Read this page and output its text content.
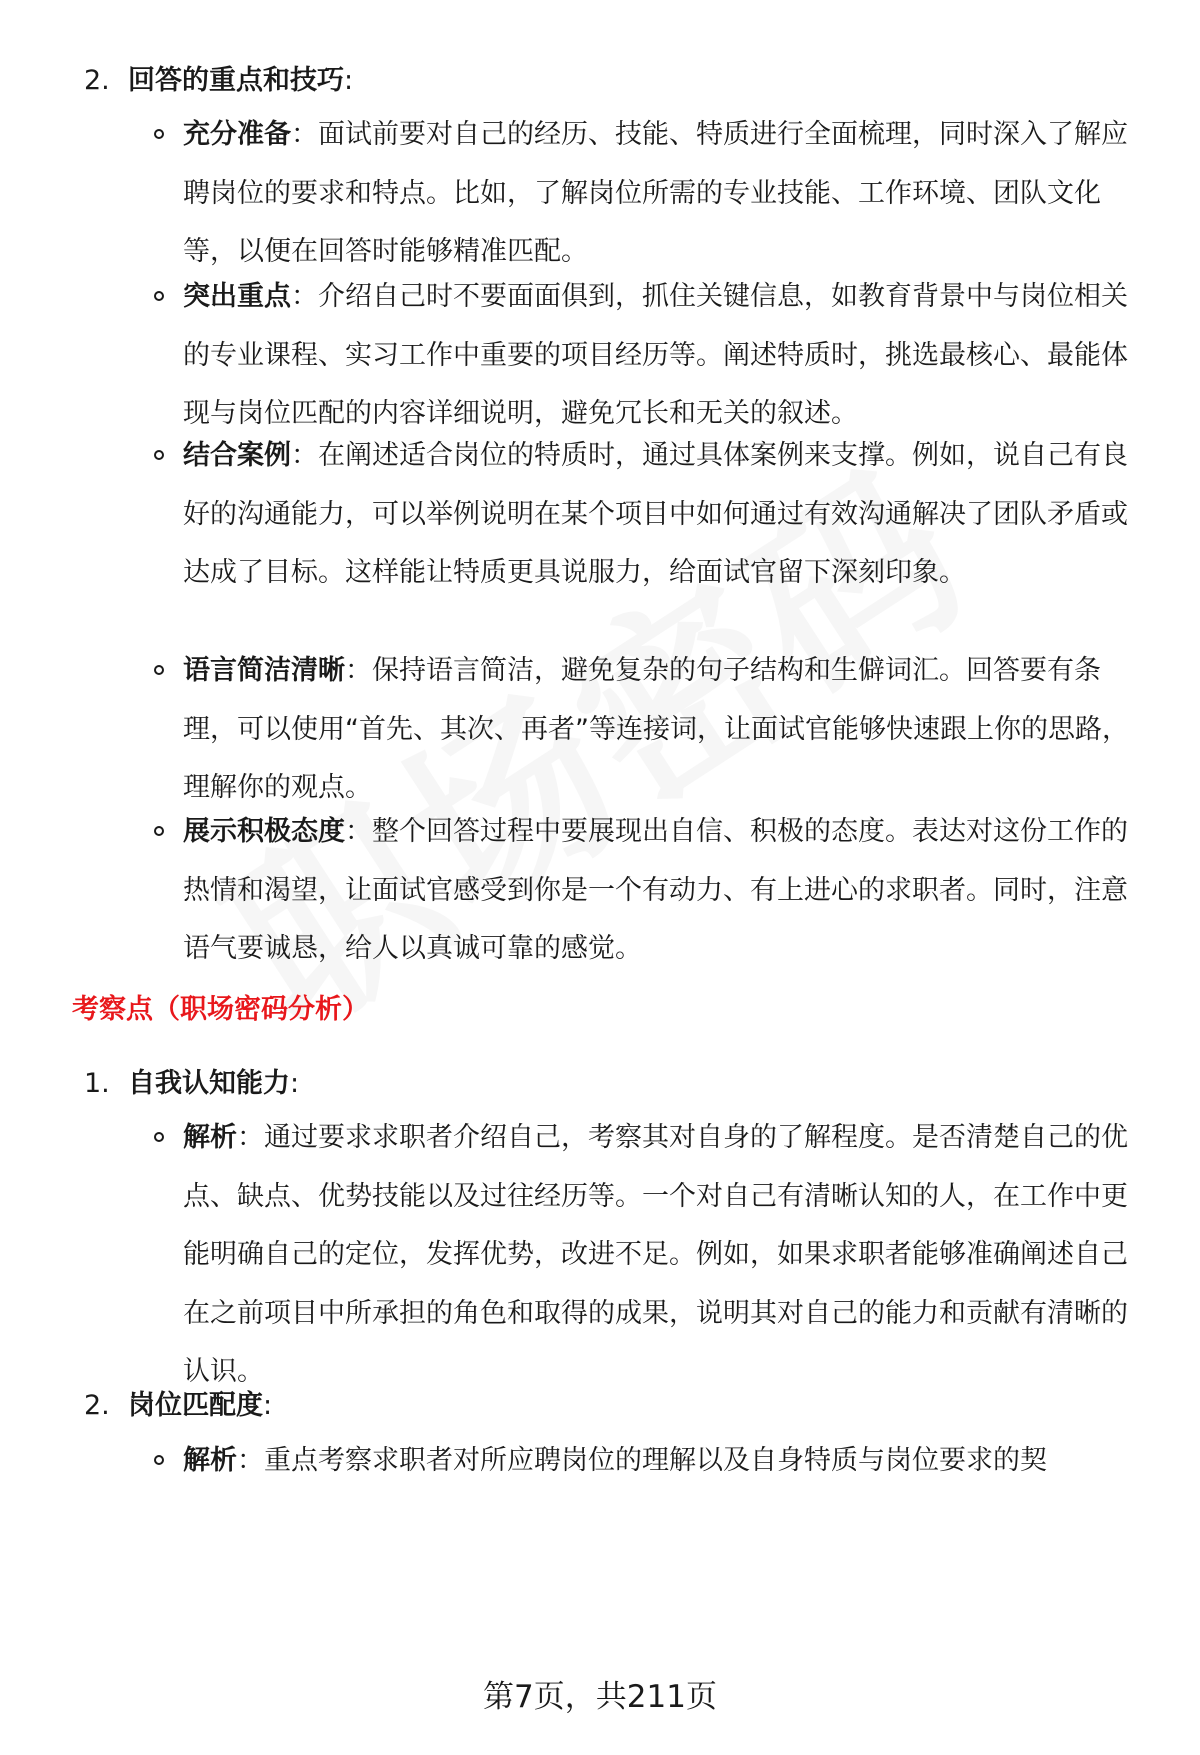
2. 回答的重点和技巧:
充分准备：面试前要对自己的经历、技能、特质进行全面梳理，同时深入了解应聘岗位的要求和特点。比如，了解岗位所需的专业技能、工作环境、团队文化等，以便在回答时能够精准匹配。
突出重点：介绍自己时不要面面俱到，抓住关键信息，如教育背景中与岗位相关的专业课程、实习工作中重要的项目经历等。阐述特质时，挑选最核心、最能体现与岗位匹配的内容详细说明，避免冗长和无关的叙述。
结合案例：在阐述适合岗位的特质时，通过具体案例来支撑。例如，说自己有良好的沟通能力，可以举例说明在某个项目中如何通过有效沟通解决了团队矛盾或达成了目标。这样能让特质更具说服力，给面试官留下深刻印象。
语言简洁清晰：保持语言简洁，避免复杂的句子结构和生僻词汇。回答要有条理，可以使用“首先、其次、再者”等连接词，让面试官能够快速跟上你的思路，理解你的观点。
展示积极态度：整个回答过程中要展现出自信、积极的态度。表达对这份工作的热情和渴望，让面试官感受到你是一个有动力、有上进心的求职者。同时，注意语气要诚恳，给人以真诚可靠的感觉。
考察点（职场密码分析）
1. 自我认知能力:
解析：通过要求求职者介绍自己，考察其对自身的了解程度。是否清楚自己的优点、缺点、优势技能以及过往经历等。一个对自己有清晰认知的人，在工作中更能明确自己的定位，发挥优势，改进不足。例如，如果求职者能够准确阐述自己在之前项目中所承担的角色和取得的成果，说明其对自己的能力和贡献有清晰的认识。
2. 岗位匹配度:
解析：重点考察求职者对所应聘岗位的理解以及自身特质与岗位要求的契
第7页，共211页
